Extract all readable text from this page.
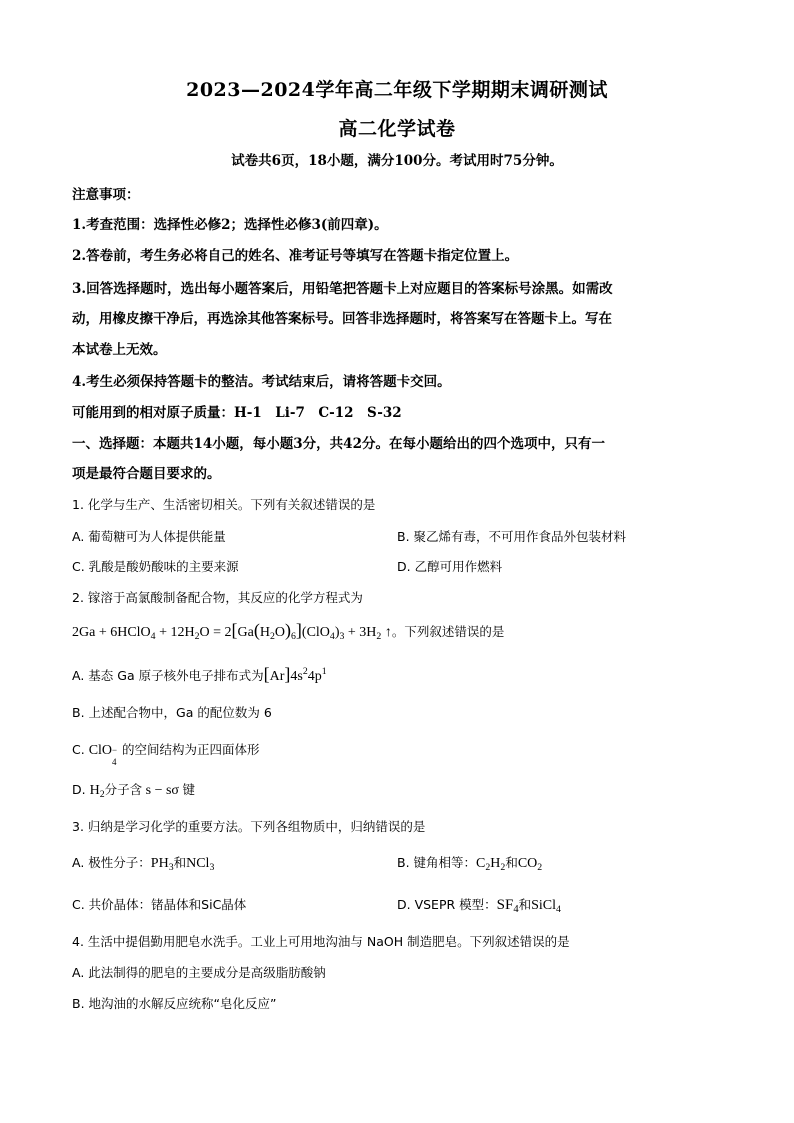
2023—2024学年高二年级下学期期末调研测试
高二化学试卷
试卷共6页，18小题，满分100分。考试用时75分钟。
注意事项：
1.考查范围：选择性必修2；选择性必修3(前四章)。
2.答卷前，考生务必将自己的姓名、准考证号等填写在答题卡指定位置上。
3.回答选择题时，选出每小题答案后，用铅笔把答题卡上对应题目的答案标号涂黑。如需改
动，用橡皮擦干净后，再选涂其他答案标号。回答非选择题时，将答案写在答题卡上。写在
本试卷上无效。
4.考生必须保持答题卡的整洁。考试结束后，请将答题卡交回。
可能用到的相对原子质量：H-1　Li-7　C-12　S-32
一、选择题：本题共14小题，每小题3分，共42分。在每小题给出的四个选项中，只有一
项是最符合题目要求的。
1. 化学与生产、生活密切相关。下列有关叙述错误的是
A. 葡萄糖可为人体提供能量	B. 聚乙烯有毒，不可用作食品外包装材料
C. 乳酸是酸奶酸味的主要来源	D. 乙醇可用作燃料
2. 镓溶于高氯酸制备配合物，其反应的化学方程式为
2Ga + 6HClO$_4$ + $12H_2O = 2[Ga(H_2O)_6](ClO_4)_3 + 3H_2$ ↑。下列叙述错误的是
A. 基态 Ga 原子核外电子排布式为$[Ar]4s^24p^1$
B. 上述配合物中，Ga 的配位数为 6
C. ClO −
4
的空间结构为正四面体形
D. $H_2$分子含 s − sσ 键
3. 归纳是学习化学的重要方法。下列各组物质中，归纳错误的是
A. 极性分子：$PH_3$和NCl$_3$	B. 键角相等：$C_2H_2$和$CO_2$
C. 共价晶体：锗晶体和SiC晶体	D. VSEPR 模型：$SF_4$和SiCl$_4$
4. 生活中提倡勤用肥皂水洗手。工业上可用地沟油与 NaOH 制造肥皂。下列叙述错误的是
A. 此法制得的肥皂的主要成分是高级脂肪酸钠
B. 地沟油的水解反应统称“皂化反应”
